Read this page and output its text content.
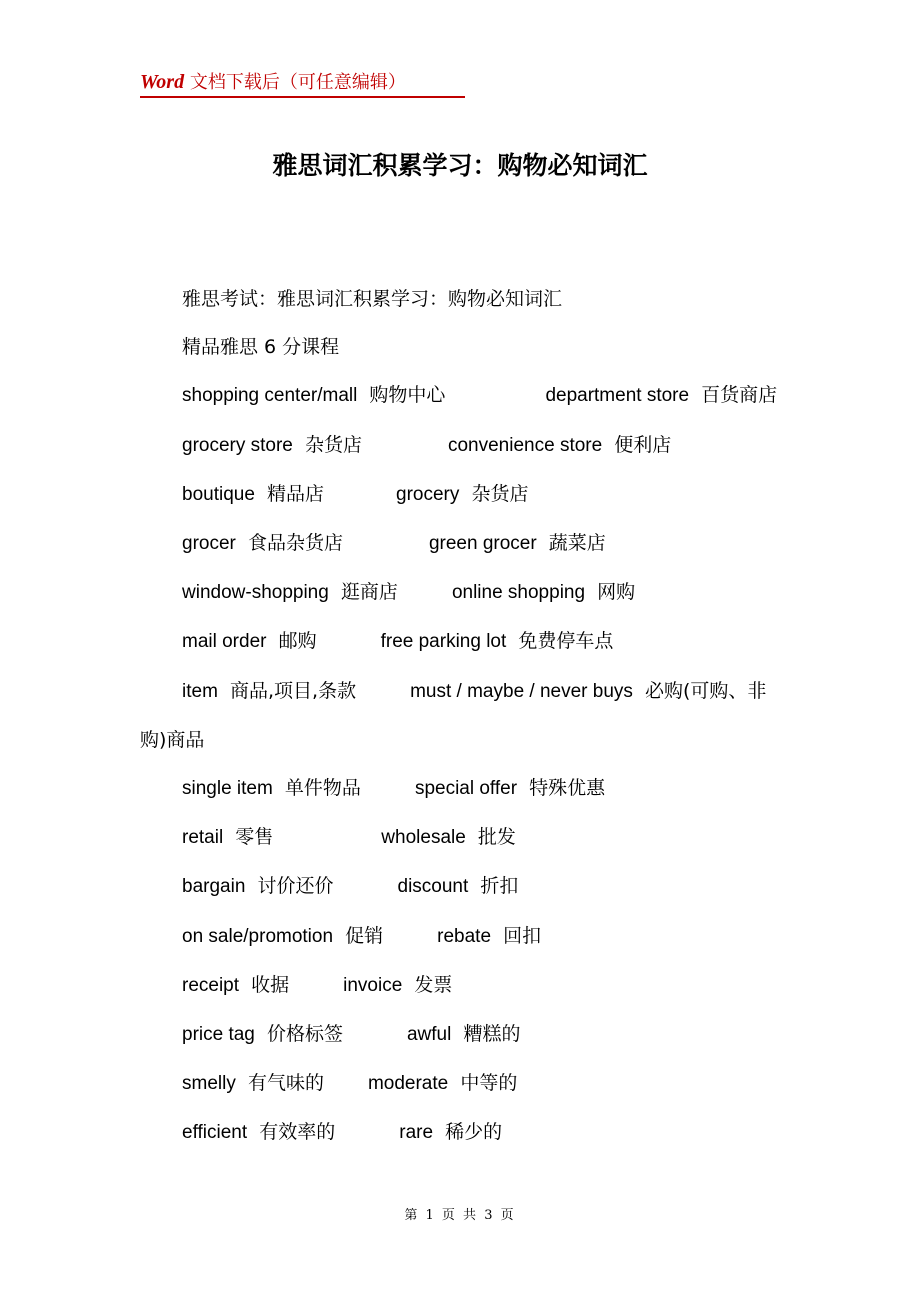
Word 文档下载后（可任意编辑）
雅思词汇积累学习：购物必知词汇

雅思考试：雅思词汇积累学习：购物必知词汇

精品雅思 6 分课程

shopping center/mall 购物中心	department store 百货商店

grocery store 杂货店	convenience store 便利店

boutique 精品店	grocery 杂货店

grocer 食品杂货店	green grocer 蔬菜店

window-shopping 逛商店	online shopping 网购

mail order 邮购	free parking lot 免费停车点

item 商品,项目,条款	must / maybe / never buys 必购(可购、非购)商品

single item 单件物品	special offer 特殊优惠

retail 零售	wholesale 批发

bargain 讨价还价	discount 折扣

on sale/promotion 促销	rebate 回扣

receipt 收据	invoice 发票

price tag 价格标签	awful 糟糕的

smelly 有气味的 moderate 中等的

efficient 有效率的	rare 稀少的

第 1 页 共 3 页
